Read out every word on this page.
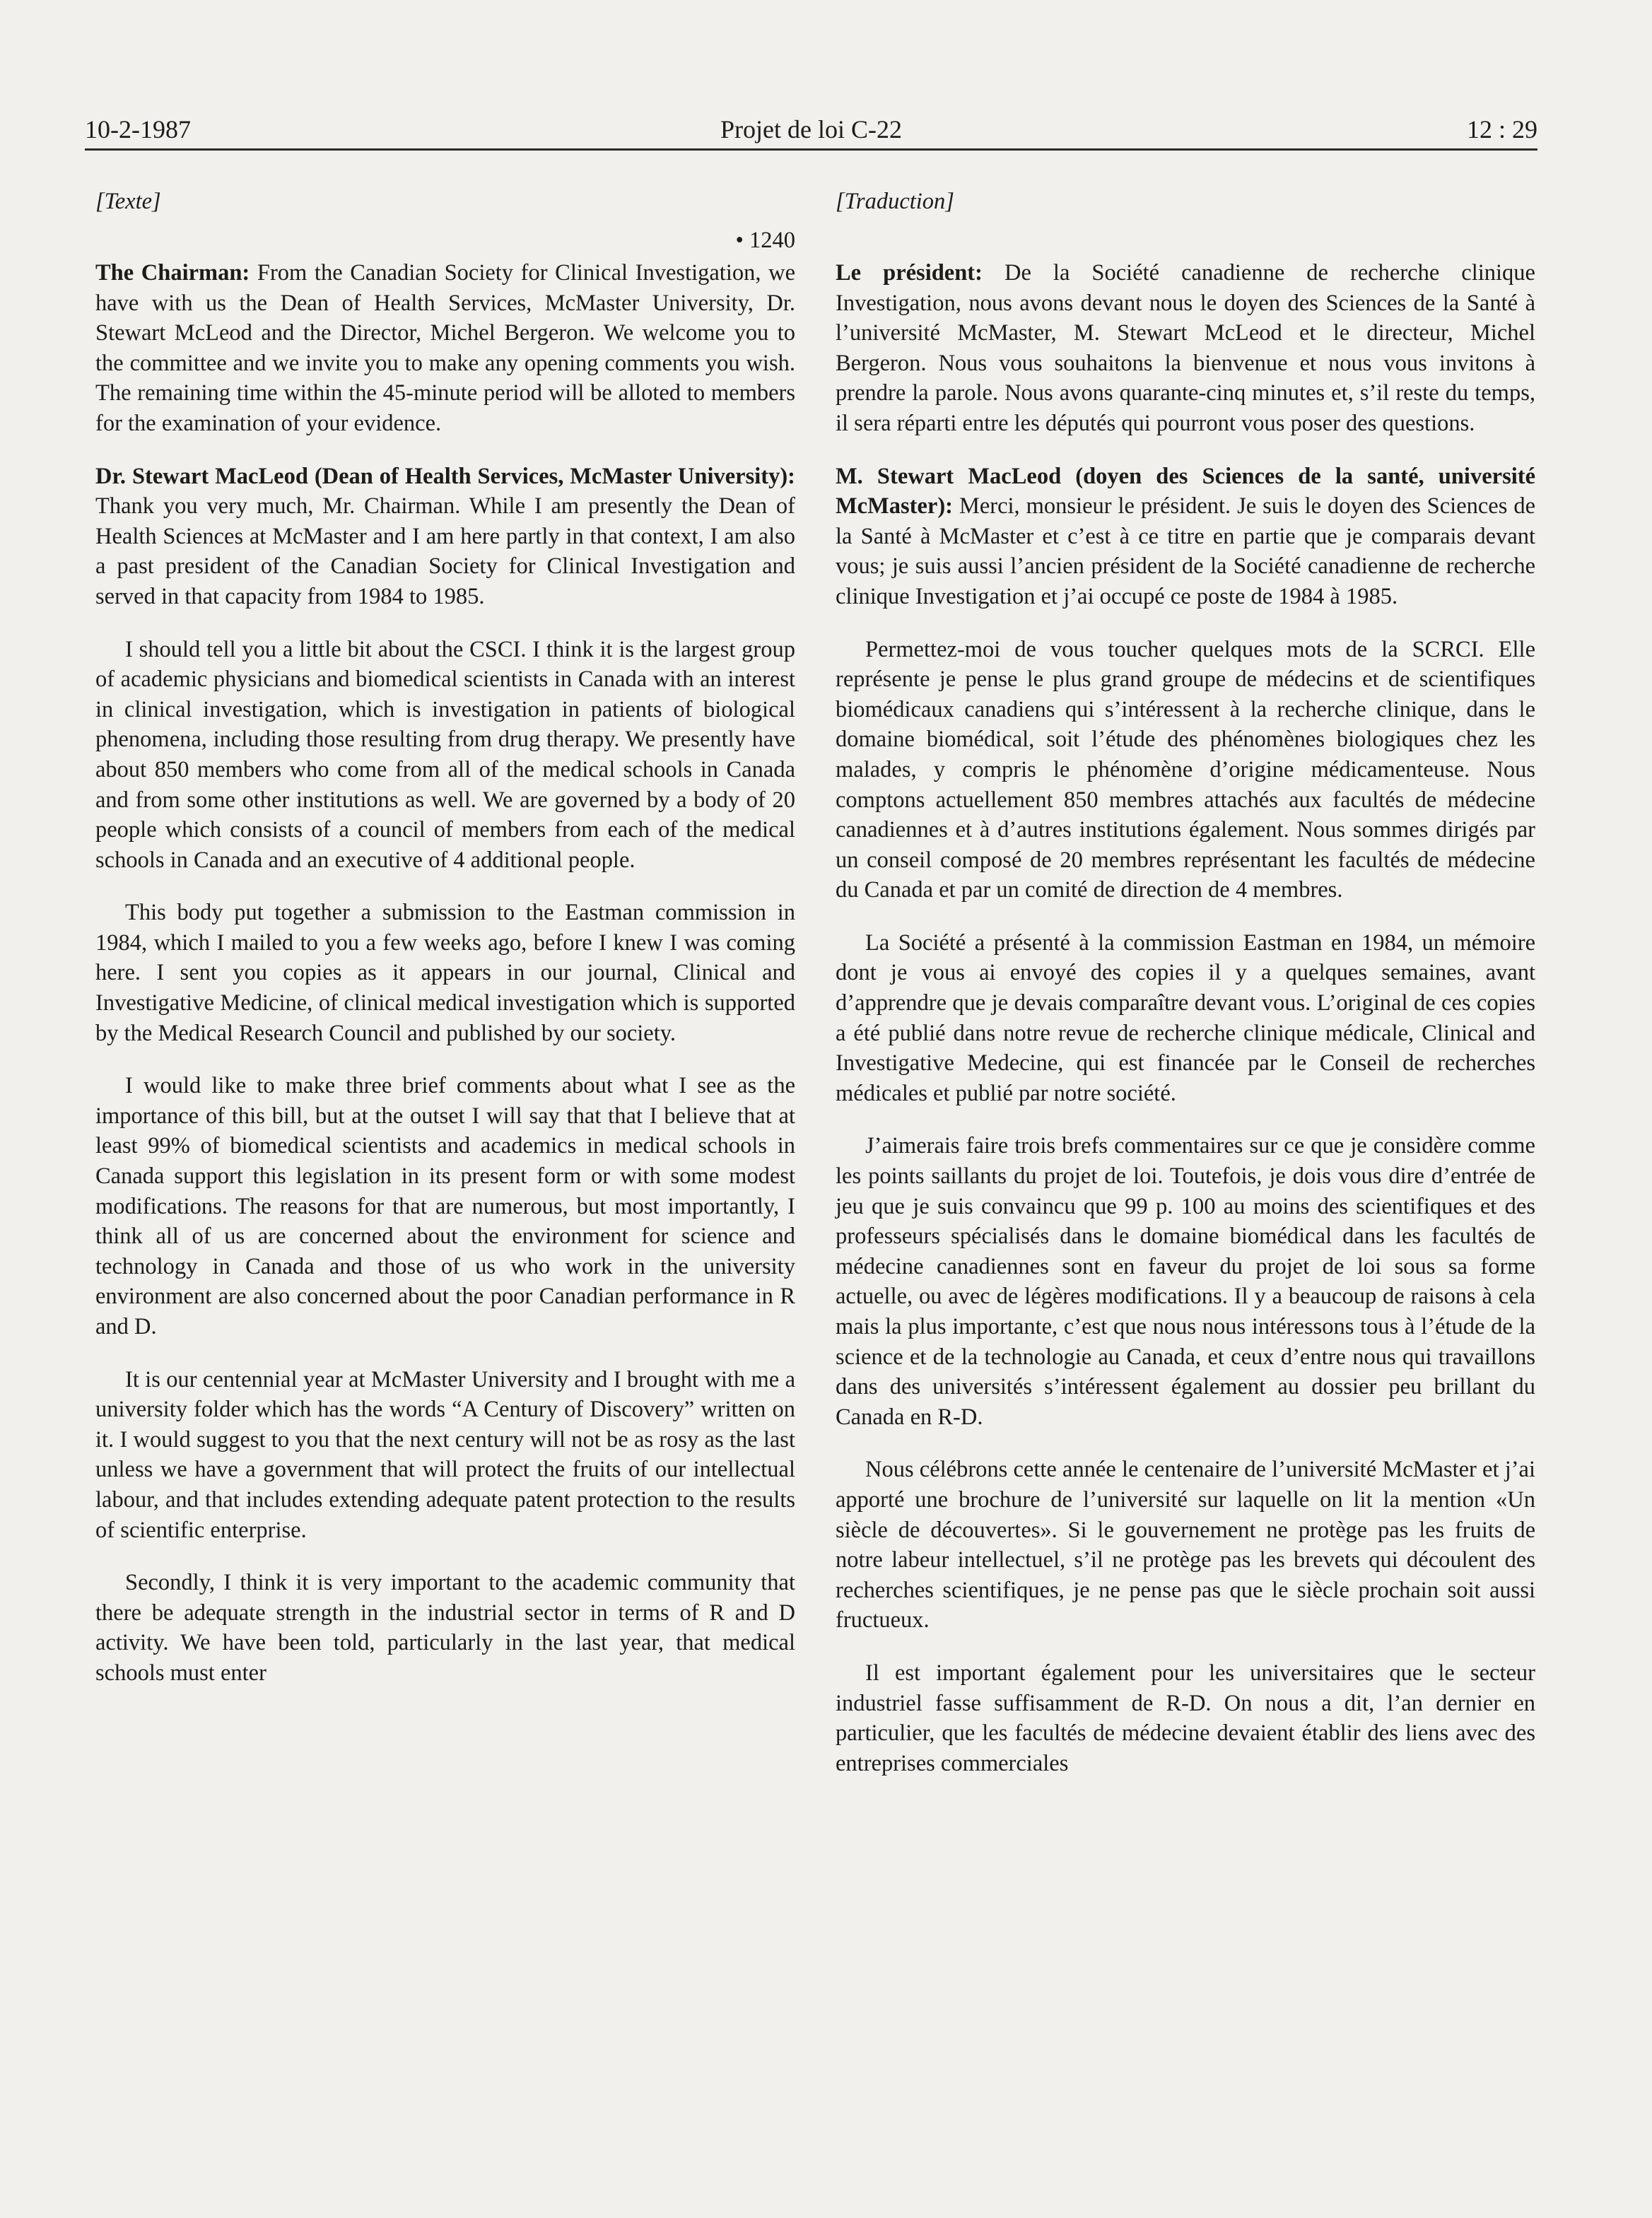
10-2-1987	Projet de loi C-22	12 : 29

[Texte]

• 1240

The Chairman: From the Canadian Society for Clinical Investigation, we have with us the Dean of Health Services, McMaster University, Dr. Stewart McLeod and the Director, Michel Bergeron. We welcome you to the committee and we invite you to make any opening comments you wish. The remaining time within the 45-minute period will be alloted to members for the examination of your evidence.

Dr. Stewart MacLeod (Dean of Health Services, McMaster University): Thank you very much, Mr. Chairman. While I am presently the Dean of Health Sciences at McMaster and I am here partly in that context, I am also a past president of the Canadian Society for Clinical Investigation and served in that capacity from 1984 to 1985.

I should tell you a little bit about the CSCI. I think it is the largest group of academic physicians and biomedical scientists in Canada with an interest in clinical investigation, which is investigation in patients of biological phenomena, including those resulting from drug therapy. We presently have about 850 members who come from all of the medical schools in Canada and from some other institutions as well. We are governed by a body of 20 people which consists of a council of members from each of the medical schools in Canada and an executive of 4 additional people.

This body put together a submission to the Eastman commission in 1984, which I mailed to you a few weeks ago, before I knew I was coming here. I sent you copies as it appears in our journal, Clinical and Investigative Medicine, of clinical medical investigation which is supported by the Medical Research Council and published by our society.

I would like to make three brief comments about what I see as the importance of this bill, but at the outset I will say that that I believe that at least 99% of biomedical scientists and academics in medical schools in Canada support this legislation in its present form or with some modest modifications. The reasons for that are numerous, but most importantly, I think all of us are concerned about the environment for science and technology in Canada and those of us who work in the university environment are also concerned about the poor Canadian performance in R and D.

It is our centennial year at McMaster University and I brought with me a university folder which has the words “A Century of Discovery” written on it. I would suggest to you that the next century will not be as rosy as the last unless we have a government that will protect the fruits of our intellectual labour, and that includes extending adequate patent protection to the results of scientific enterprise.

Secondly, I think it is very important to the academic community that there be adequate strength in the industrial sector in terms of R and D activity. We have been told, particularly in the last year, that medical schools must enter

[Traduction]

Le président: De la Société canadienne de recherche clinique Investigation, nous avons devant nous le doyen des Sciences de la Santé à l’université McMaster, M. Stewart McLeod et le directeur, Michel Bergeron. Nous vous souhaitons la bienvenue et nous vous invitons à prendre la parole. Nous avons quarante-cinq minutes et, s’il reste du temps, il sera réparti entre les députés qui pourront vous poser des questions.

M. Stewart MacLeod (doyen des Sciences de la santé, université McMaster): Merci, monsieur le président. Je suis le doyen des Sciences de la Santé à McMaster et c’est à ce titre en partie que je comparais devant vous; je suis aussi l’ancien président de la Société canadienne de recherche clinique Investigation et j’ai occupé ce poste de 1984 à 1985.

Permettez-moi de vous toucher quelques mots de la SCRCI. Elle représente je pense le plus grand groupe de médecins et de scientifiques biomédicaux canadiens qui s’intéressent à la recherche clinique, dans le domaine biomédical, soit l’étude des phénomènes biologiques chez les malades, y compris le phénomène d’origine médicamenteuse. Nous comptons actuellement 850 membres attachés aux facultés de médecine canadiennes et à d’autres institutions également. Nous sommes dirigés par un conseil composé de 20 membres représentant les facultés de médecine du Canada et par un comité de direction de 4 membres.

La Société a présenté à la commission Eastman en 1984, un mémoire dont je vous ai envoyé des copies il y a quelques semaines, avant d’apprendre que je devais comparaître devant vous. L’original de ces copies a été publié dans notre revue de recherche clinique médicale, Clinical and Investigative Medecine, qui est financée par le Conseil de recherches médicales et publié par notre société.

J’aimerais faire trois brefs commentaires sur ce que je considère comme les points saillants du projet de loi. Toutefois, je dois vous dire d’entrée de jeu que je suis convaincu que 99 p. 100 au moins des scientifiques et des professeurs spécialisés dans le domaine biomédical dans les facultés de médecine canadiennes sont en faveur du projet de loi sous sa forme actuelle, ou avec de légères modifications. Il y a beaucoup de raisons à cela mais la plus importante, c’est que nous nous intéressons tous à l’étude de la science et de la technologie au Canada, et ceux d’entre nous qui travaillons dans des universités s’intéressent également au dossier peu brillant du Canada en R-D.

Nous célébrons cette année le centenaire de l’université McMaster et j’ai apporté une brochure de l’université sur laquelle on lit la mention «Un siècle de découvertes». Si le gouvernement ne protège pas les fruits de notre labeur intellectuel, s’il ne protège pas les brevets qui découlent des recherches scientifiques, je ne pense pas que le siècle prochain soit aussi fructueux.

Il est important également pour les universitaires que le secteur industriel fasse suffisamment de R-D. On nous a dit, l’an dernier en particulier, que les facultés de médecine devaient établir des liens avec des entreprises commerciales
